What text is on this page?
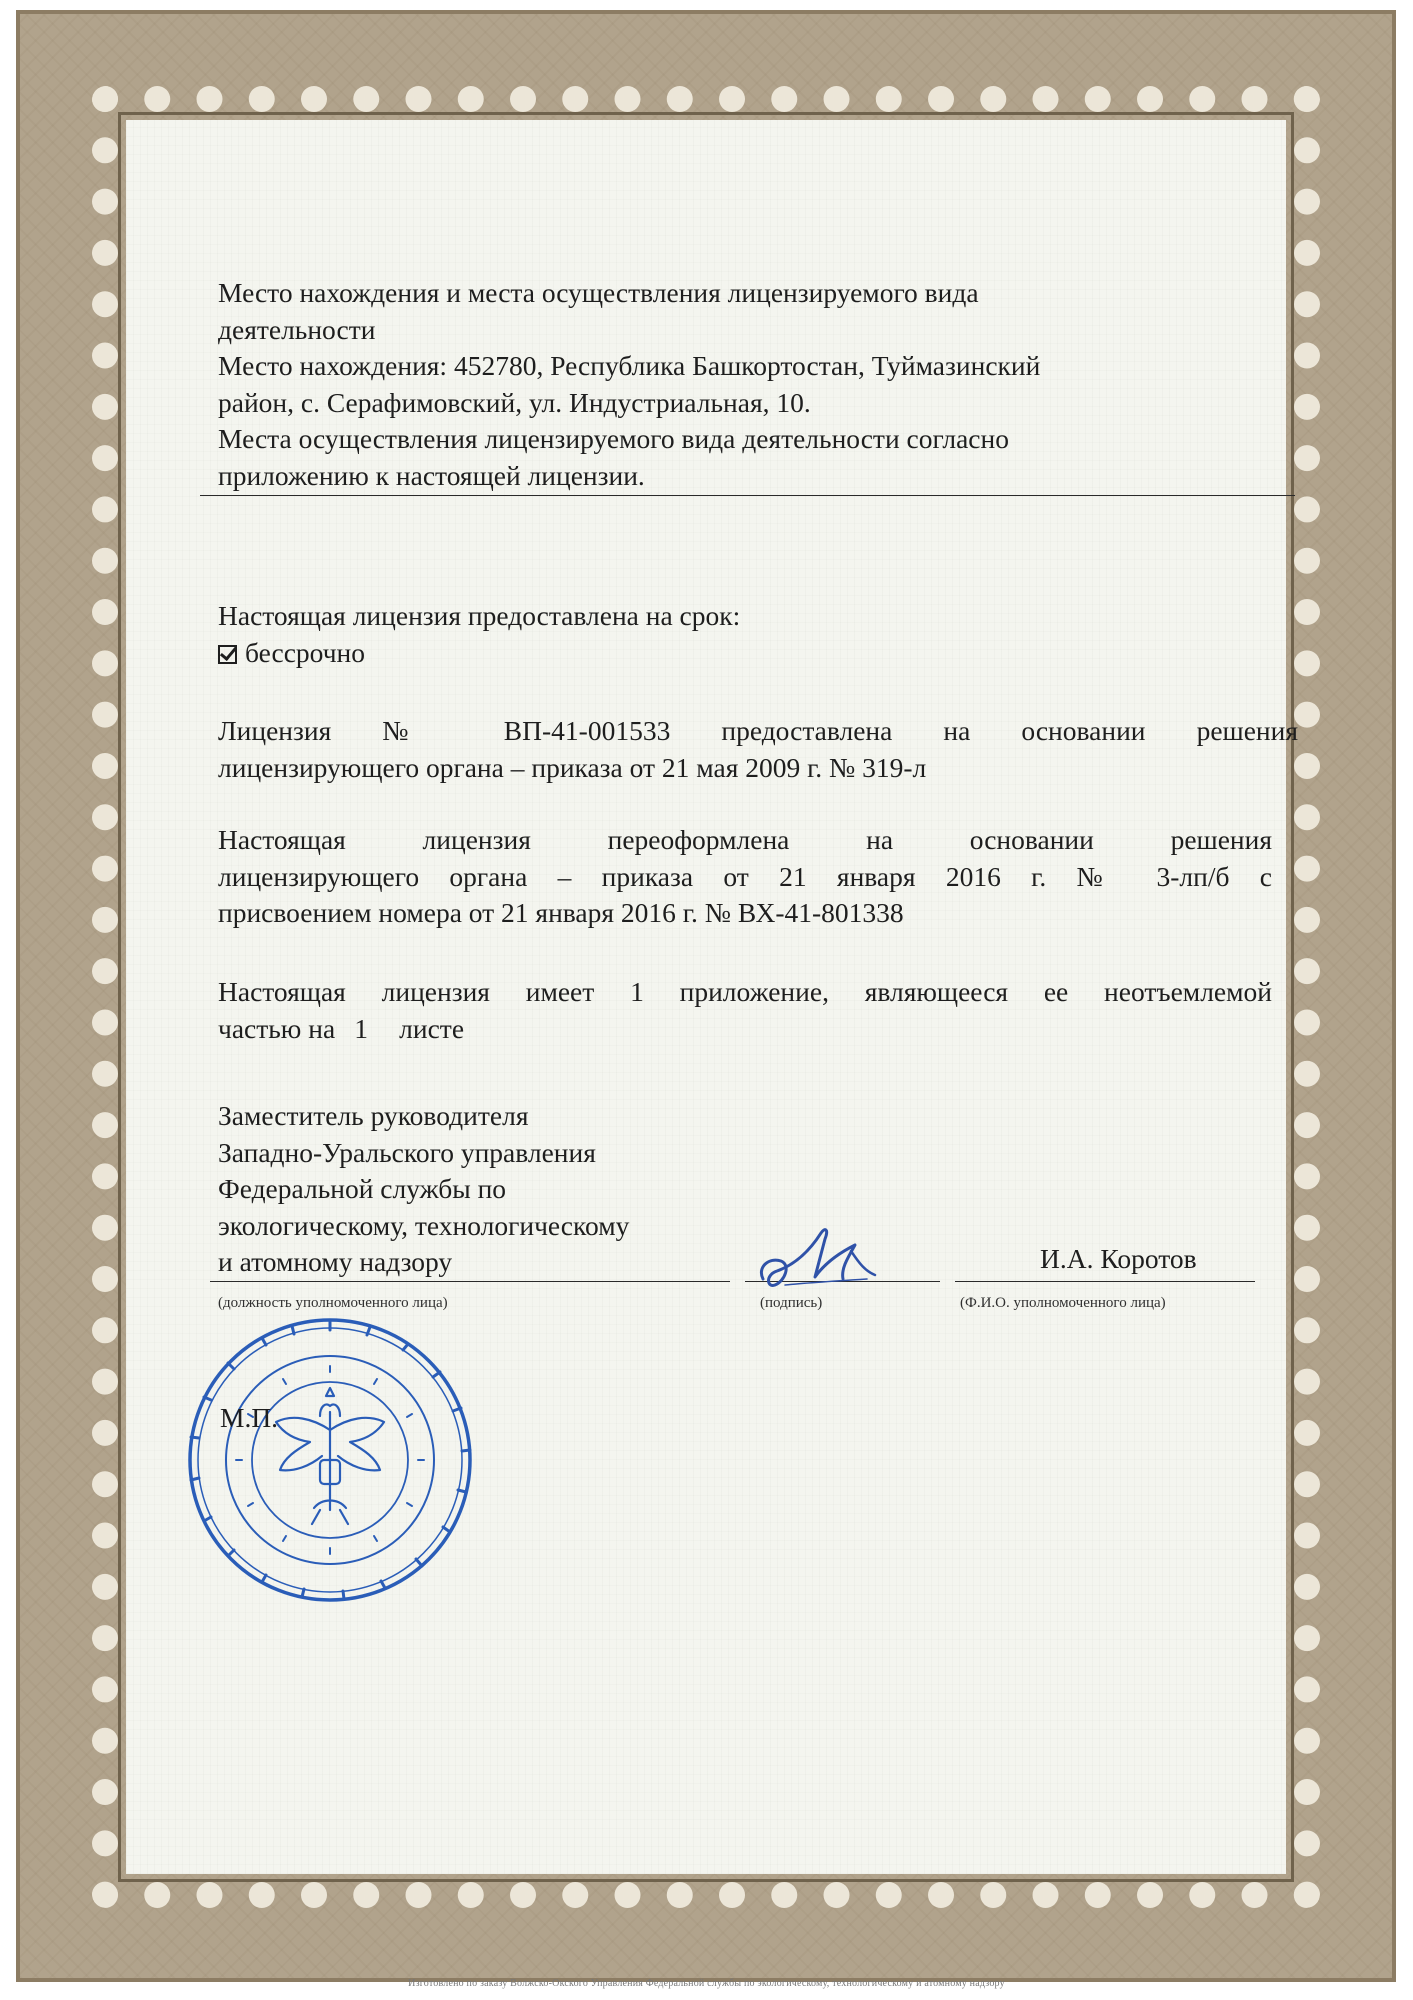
Место нахождения и места осуществления лицензируемого вида
деятельности
Место нахождения: 452780, Республика Башкортостан, Туймазинский
район, с. Серафимовский, ул. Индустриальная, 10.
Места осуществления лицензируемого вида деятельности согласно
приложению к настоящей лицензии.
Настоящая лицензия предоставлена на срок:
бессрочно
Лицензия № ВП-41-001533 предоставлена на основании решения
лицензирующего органа – приказа от 21 мая 2009 г. № 319-л
Настоящая лицензия переоформлена на основании решения
лицензирующего органа – приказа от 21 января 2016 г. № 3-лп/б с
присвоением номера от 21 января 2016 г. № ВХ-41-801338
Настоящая лицензия имеет 1 приложение, являющееся ее неотъемлемой
частью на 1 листе
Заместитель руководителя
Западно-Уральского управления
Федеральной службы по
экологическому, технологическому
и атомному надзору	И.А. Коротов
(должность уполномоченного лица)	(подпись)	(Ф.И.О. уполномоченного лица)
М.П.
Изготовлено по заказу Волжско-Окского Управления Федеральной службы по экологическому, технологическому и атомному надзору
